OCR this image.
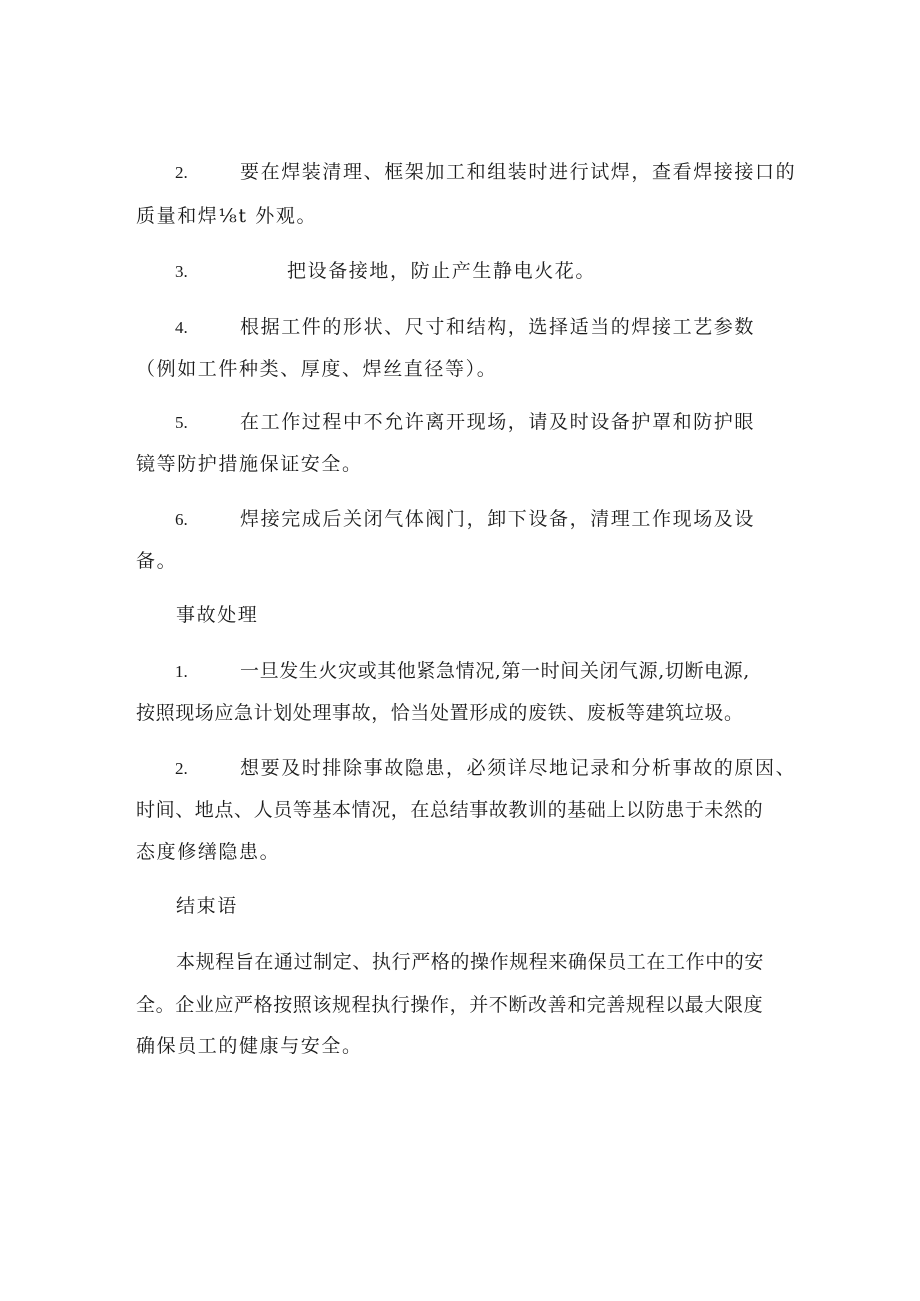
2.	要在焊装清理、框架加工和组装时进行试焊，查看焊接接口的
质量和焊⅛t 外观。
3.	把设备接地，防止产生静电火花。
4.	根据工件的形状、尺寸和结构，选择适当的焊接工艺参数
（例如工件种类、厚度、焊丝直径等）。
5.	在工作过程中不允许离开现场，请及时设备护罩和防护眼
镜等防护措施保证安全。
6.	焊接完成后关闭气体阀门，卸下设备，清理工作现场及设
备。
事故处理
1.	一旦发生火灾或其他紧急情况,第一时间关闭气源,切断电源,
按照现场应急计划处理事故，恰当处置形成的废铁、废板等建筑垃圾。
2.	想要及时排除事故隐患，必须详尽地记录和分析事故的原因、
时间、地点、人员等基本情况，在总结事故教训的基础上以防患于未然的
态度修缮隐患。
结束语
本规程旨在通过制定、执行严格的操作规程来确保员工在工作中的安
全。企业应严格按照该规程执行操作，并不断改善和完善规程以最大限度
确保员工的健康与安全。
